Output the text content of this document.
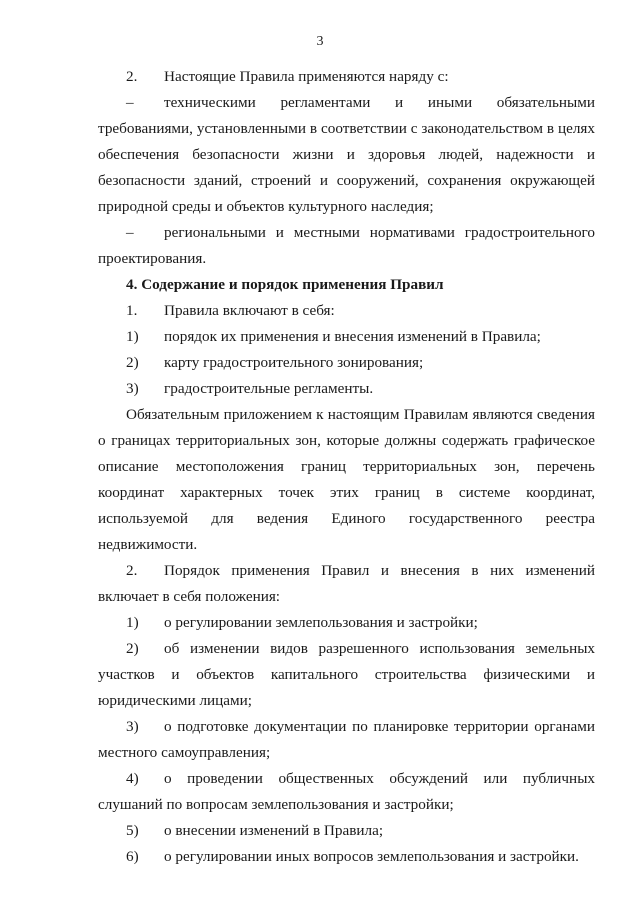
3
2.	Настоящие Правила применяются наряду с:

– техническими регламентами и иными обязательными требованиями, установленными в соответствии с законодательством в целях обеспечения безопасности жизни и здоровья людей, надежности и безопасности зданий, строений и сооружений, сохранения окружающей природной среды и объектов культурного наследия;

– региональными и местными нормативами градостроительного проектирования.

4. Содержание и порядок применения Правил
1.	Правила включают в себя:
1)	порядок их применения и внесения изменений в Правила;
2)	карту градостроительного зонирования;
3)	градостроительные регламенты.

Обязательным приложением к настоящим Правилам являются сведения о границах территориальных зон, которые должны содержать графическое описание местоположения границ территориальных зон, перечень координат характерных точек этих границ в системе координат, используемой для ведения Единого государственного реестра недвижимости.

2. Порядок применения Правил и внесения в них изменений включает в себя положения:

1)	о регулировании землепользования и застройки;

2) об изменении видов разрешенного использования земельных участков и объектов капитального строительства физическими и юридическими лицами;

3) о подготовке документации по планировке территории органами местного самоуправления;

4) о проведении общественных обсуждений или публичных слушаний по вопросам землепользования и застройки;

5)	о внесении изменений в Правила;
6)	о регулировании иных вопросов землепользования и застройки.
